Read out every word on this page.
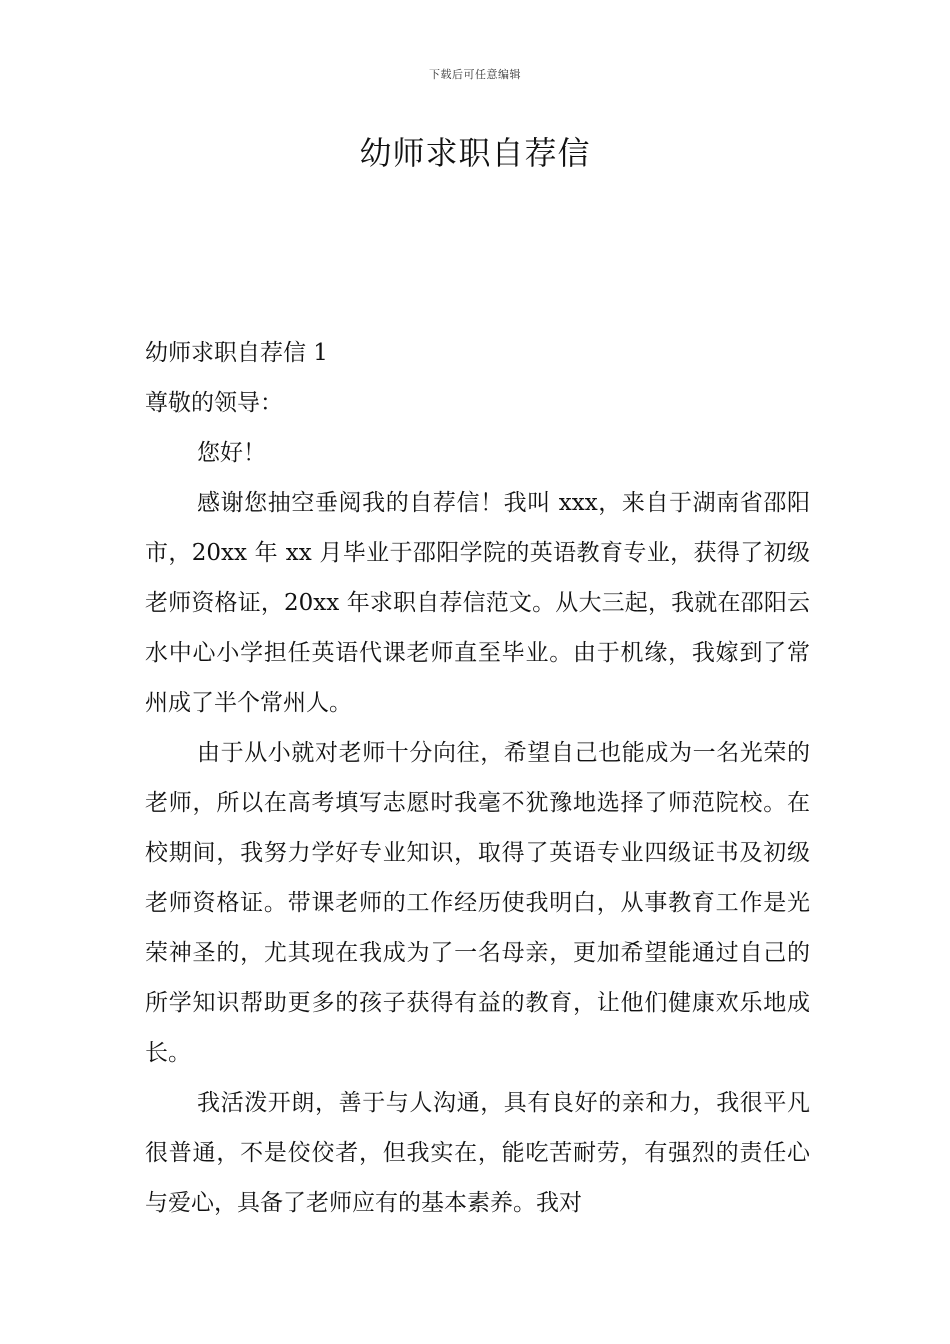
下载后可任意编辑
幼师求职自荐信

幼师求职自荐信 1

尊敬的领导：

您好！

感谢您抽空垂阅我的自荐信！我叫 xxx，来自于湖南省邵阳市，20xx 年 xx 月毕业于邵阳学院的英语教育专业，获得了初级老师资格证，20xx 年求职自荐信范文。从大三起，我就在邵阳云水中心小学担任英语代课老师直至毕业。由于机缘，我嫁到了常州成了半个常州人。

由于从小就对老师十分向往，希望自己也能成为一名光荣的老师，所以在高考填写志愿时我毫不犹豫地选择了师范院校。在校期间，我努力学好专业知识，取得了英语专业四级证书及初级老师资格证。带课老师的工作经历使我明白，从事教育工作是光荣神圣的，尤其现在我成为了一名母亲，更加希望能通过自己的所学知识帮助更多的孩子获得有益的教育，让他们健康欢乐地成长。

我活泼开朗，善于与人沟通，具有良好的亲和力，我很平凡很普通，不是佼佼者，但我实在，能吃苦耐劳，有强烈的责任心与爱心，具备了老师应有的基本素养。我对
